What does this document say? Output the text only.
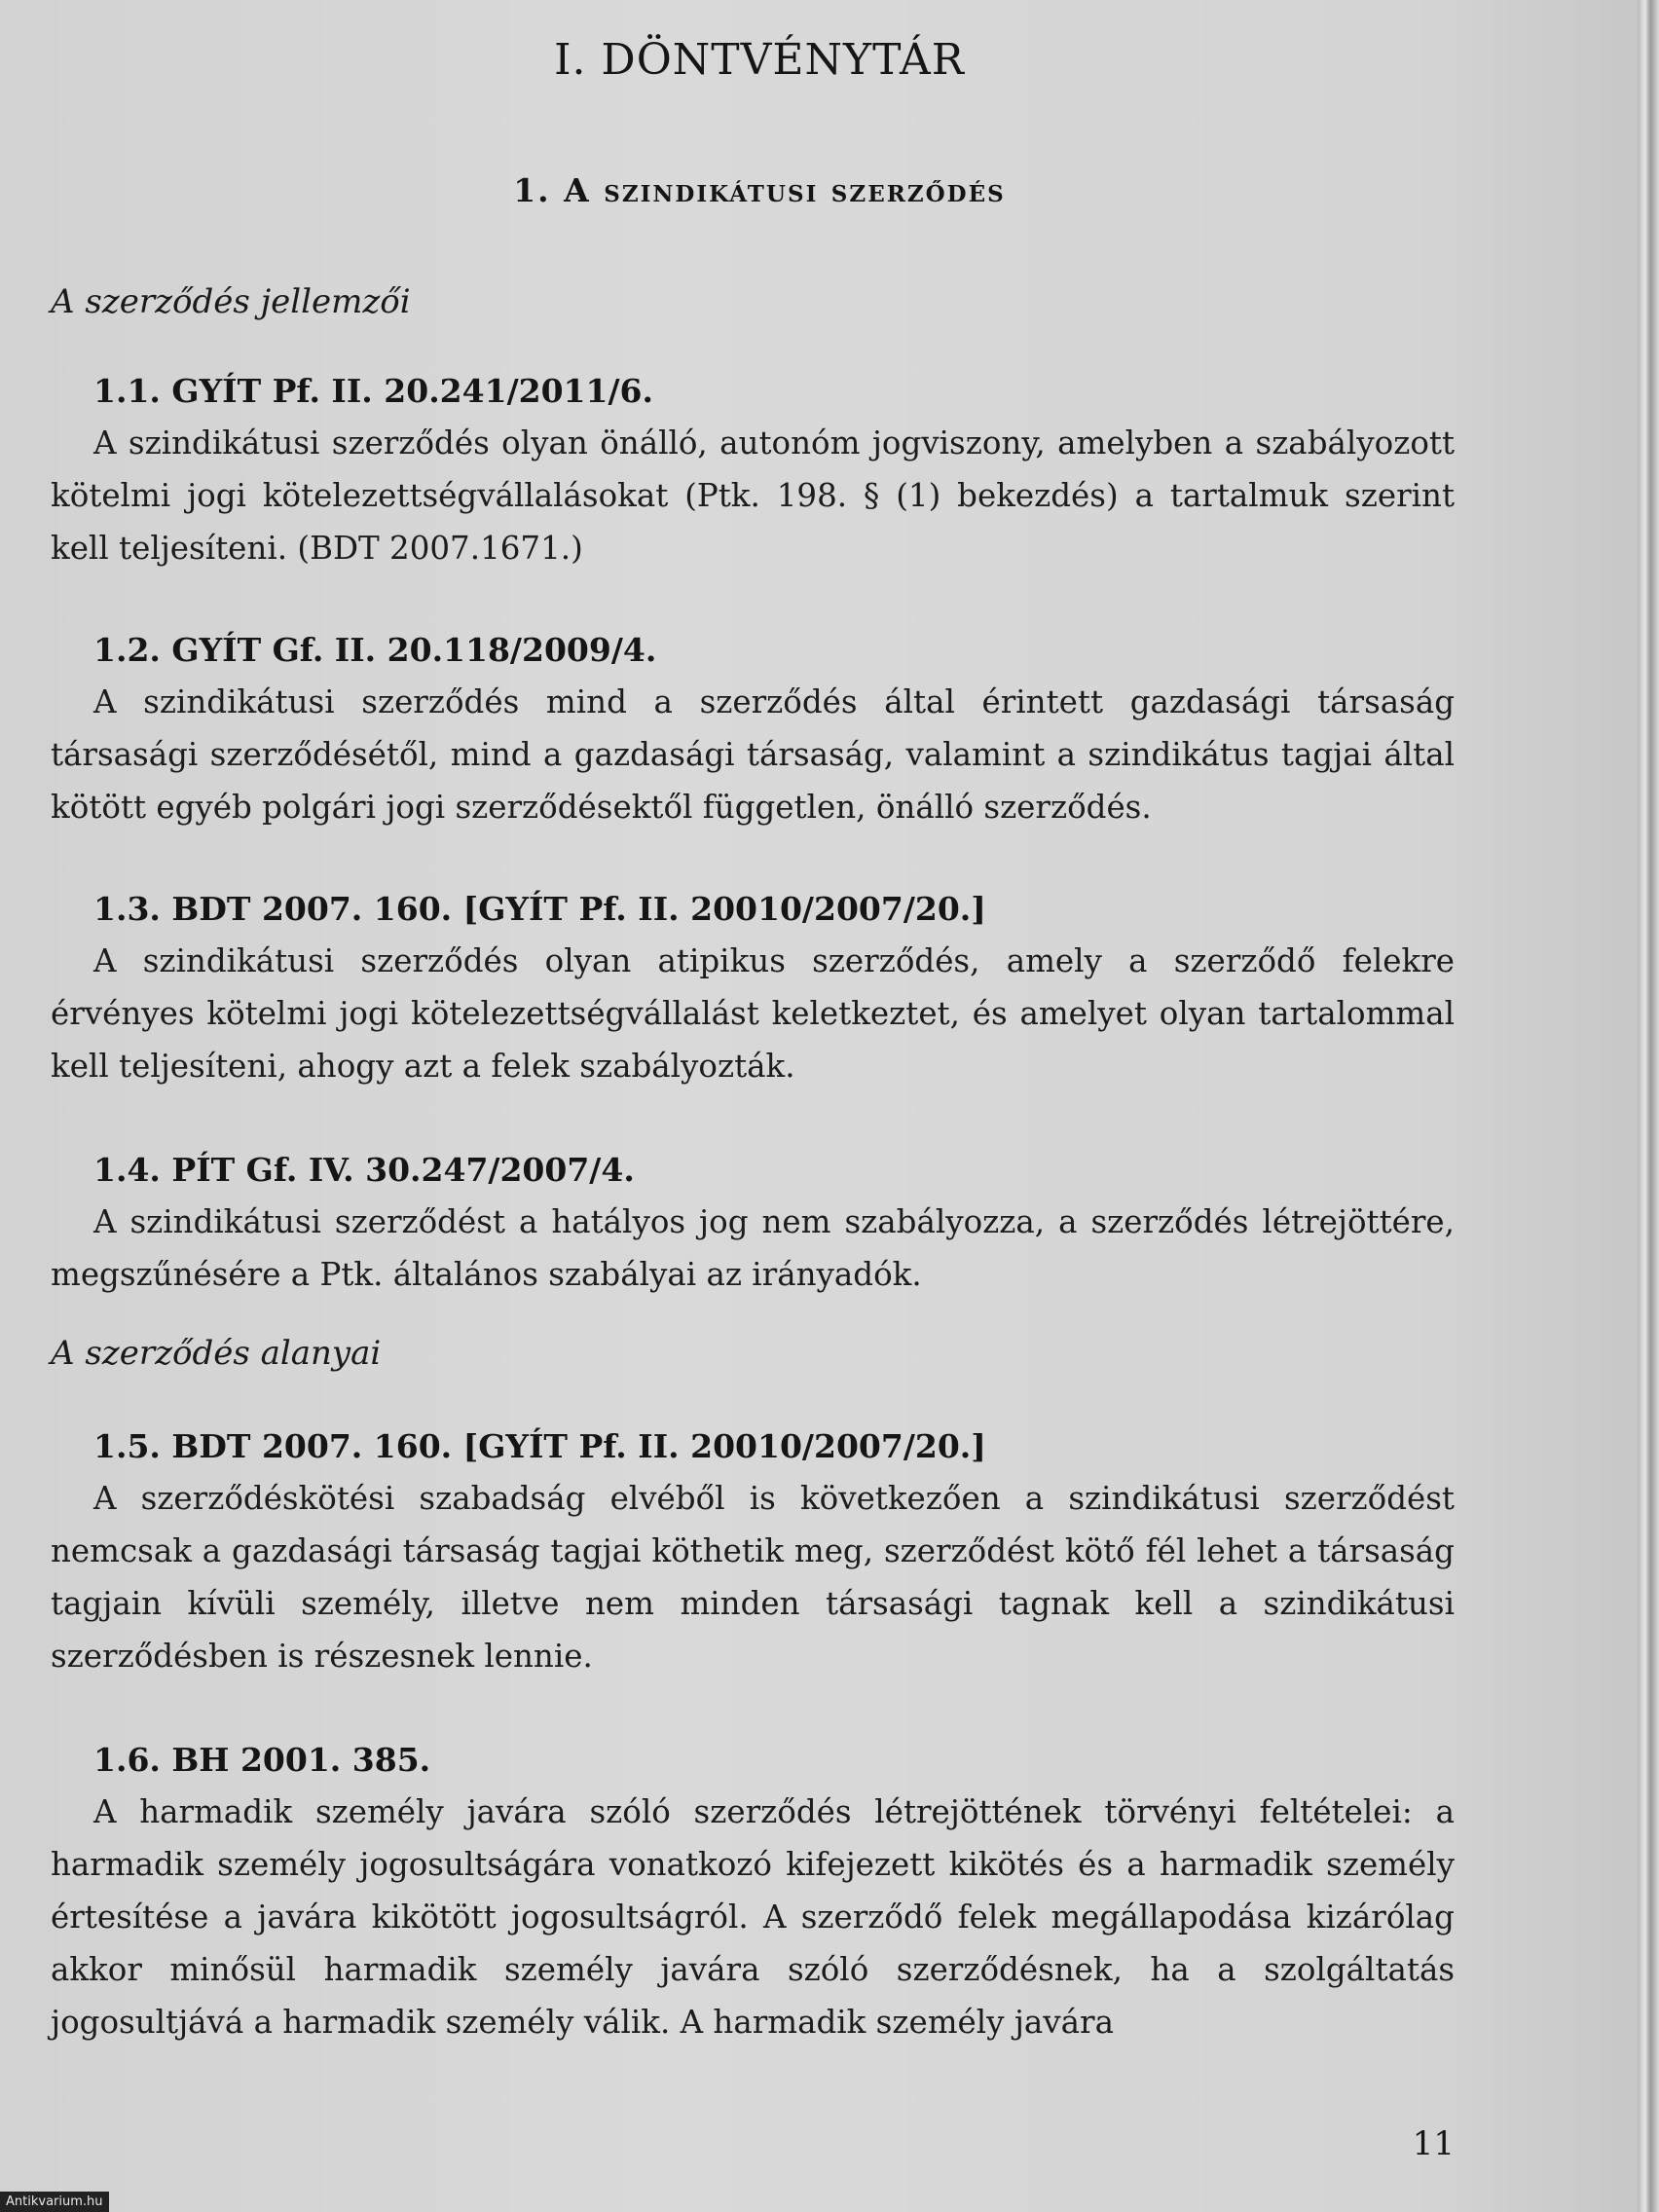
I. DÖNTVÉNYTÁR
1. A szindikátusi szerződés
A szerződés jellemzői
1.1. GYÍT Pf. II. 20.241/2011/6.
A szindikátusi szerződés olyan önálló, autonóm jogviszony, amelyben a szabályozott kötelmi jogi kötelezettségvállalásokat (Ptk. 198. § (1) bekezdés) a tartalmuk szerint kell teljesíteni. (BDT 2007.1671.)
1.2. GYÍT Gf. II. 20.118/2009/4.
A szindikátusi szerződés mind a szerződés által érintett gazdasági társaság társasági szerződésétől, mind a gazdasági társaság, valamint a szindikátus tagjai által kötött egyéb polgári jogi szerződésektől független, önálló szerződés.
1.3. BDT 2007. 160. [GYÍT Pf. II. 20010/2007/20.]
A szindikátusi szerződés olyan atipikus szerződés, amely a szerződő felekre érvényes kötelmi jogi kötelezettségvállalást keletkeztet, és amelyet olyan tartalommal kell teljesíteni, ahogy azt a felek szabályozták.
1.4. PÍT Gf. IV. 30.247/2007/4.
A szindikátusi szerződést a hatályos jog nem szabályozza, a szerződés létrejöttére, megszűnésére a Ptk. általános szabályai az irányadók.
A szerződés alanyai
1.5. BDT 2007. 160. [GYÍT Pf. II. 20010/2007/20.]
A szerződéskötési szabadság elvéből is következően a szindikátusi szerződést nemcsak a gazdasági társaság tagjai köthetik meg, szerződést kötő fél lehet a társaság tagjain kívüli személy, illetve nem minden társasági tagnak kell a szindikátusi szerződésben is részesnek lennie.
1.6. BH 2001. 385.
A harmadik személy javára szóló szerződés létrejöttének törvényi feltételei: a harmadik személy jogosultságára vonatkozó kifejezett kikötés és a harmadik személy értesítése a javára kikötött jogosultságról. A szerződő felek megállapodása kizárólag akkor minősül harmadik személy javára szóló szerződésnek, ha a szolgáltatás jogosultjává a harmadik személy válik. A harmadik személy javára
11
Antikvarium.hu
